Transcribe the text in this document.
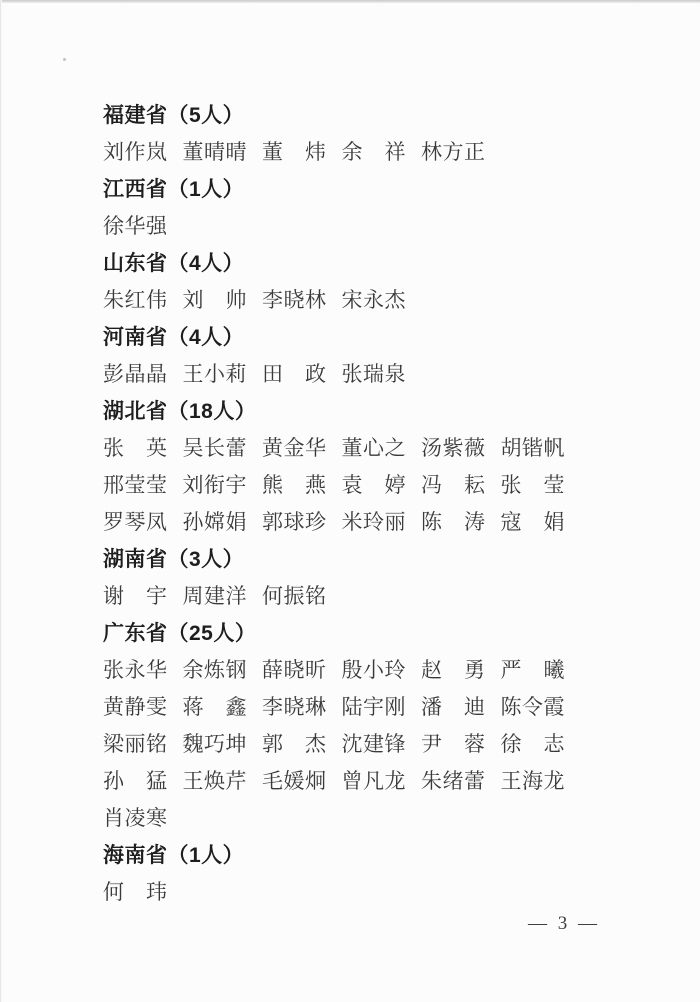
福建省（5人）
刘作岚 董晴晴 董　炜 余　祥 林方正
江西省（1人）
徐华强
山东省（4人）
朱红伟 刘　帅 李晓林 宋永杰
河南省（4人）
彭晶晶 王小莉 田　政 张瑞泉
湖北省（18人）
张　英 吴长蕾 黄金华 董心之 汤紫薇 胡锴帆
邢莹莹 刘衔宇 熊　燕 袁　婷 冯　耘 张　莹
罗琴凤 孙嫦娟 郭球珍 米玲丽 陈　涛 寇　娟
湖南省（3人）
谢　宇 周建洋 何振铭
广东省（25人）
张永华 余炼钢 薛晓昕 殷小玲 赵　勇 严　曦
黄静雯 蒋　鑫 李晓琳 陆宇刚 潘　迪 陈令霞
梁丽铭 魏巧坤 郭　杰 沈建锋 尹　蓉 徐　志
孙　猛 王焕芹 毛媛炯 曾凡龙 朱绪蕾 王海龙
肖凌寒
海南省（1人）
何　玮
— 3 —
